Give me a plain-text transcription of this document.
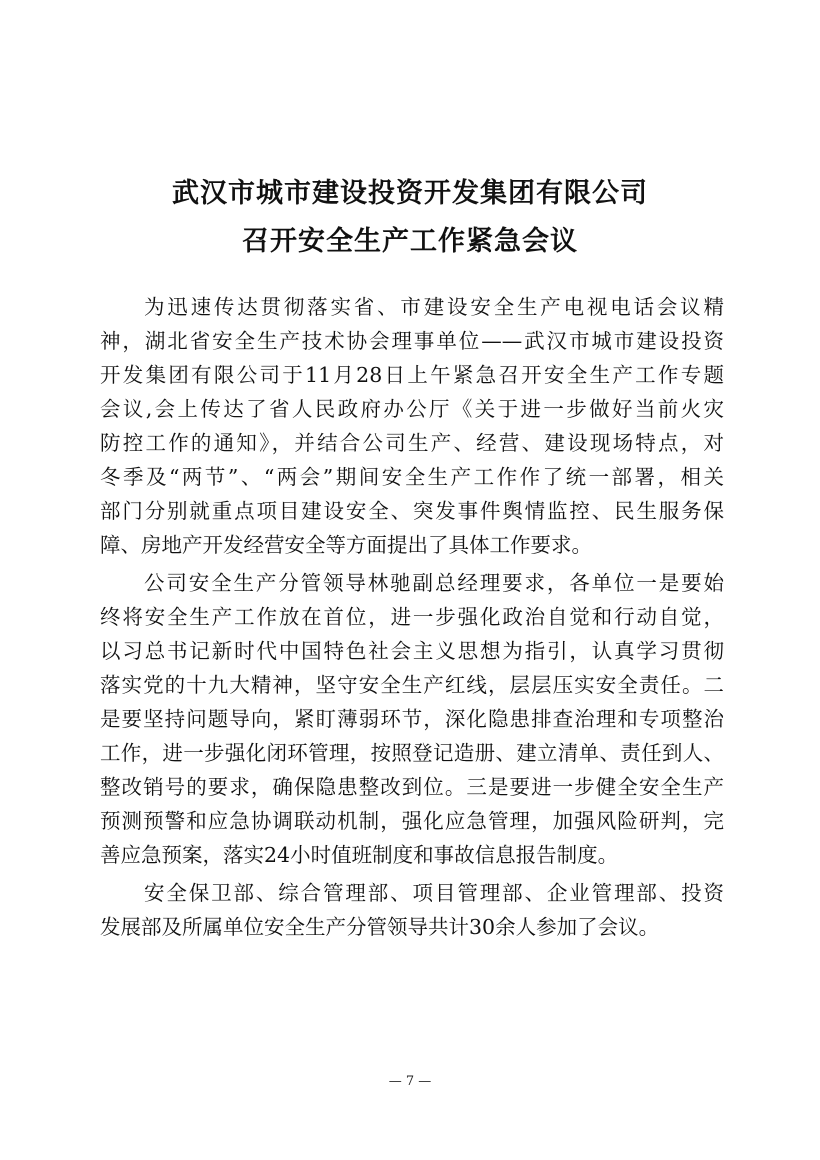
武汉市城市建设投资开发集团有限公司
召开安全生产工作紧急会议
为迅速传达贯彻落实省、市建设安全生产电视电话会议精
神，湖北省安全生产技术协会理事单位——武汉市城市建设投资
开发集团有限公司于11月28日上午紧急召开安全生产工作专题
会议,会上传达了省人民政府办公厅《关于进一步做好当前火灾
防控工作的通知》，并结合公司生产、经营、建设现场特点，对
冬季及“两节”、“两会”期间安全生产工作作了统一部署，相关
部门分别就重点项目建设安全、突发事件舆情监控、民生服务保
障、房地产开发经营安全等方面提出了具体工作要求。
公司安全生产分管领导林驰副总经理要求，各单位一是要始
终将安全生产工作放在首位，进一步强化政治自觉和行动自觉，
以习总书记新时代中国特色社会主义思想为指引，认真学习贯彻
落实党的十九大精神，坚守安全生产红线，层层压实安全责任。二
是要坚持问题导向，紧盯薄弱环节，深化隐患排查治理和专项整治
工作，进一步强化闭环管理，按照登记造册、建立清单、责任到人、
整改销号的要求，确保隐患整改到位。三是要进一步健全安全生产
预测预警和应急协调联动机制，强化应急管理，加强风险研判，完
善应急预案，落实24小时值班制度和事故信息报告制度。
安全保卫部、综合管理部、项目管理部、企业管理部、投资
发展部及所属单位安全生产分管领导共计30余人参加了会议。
— 7 —
